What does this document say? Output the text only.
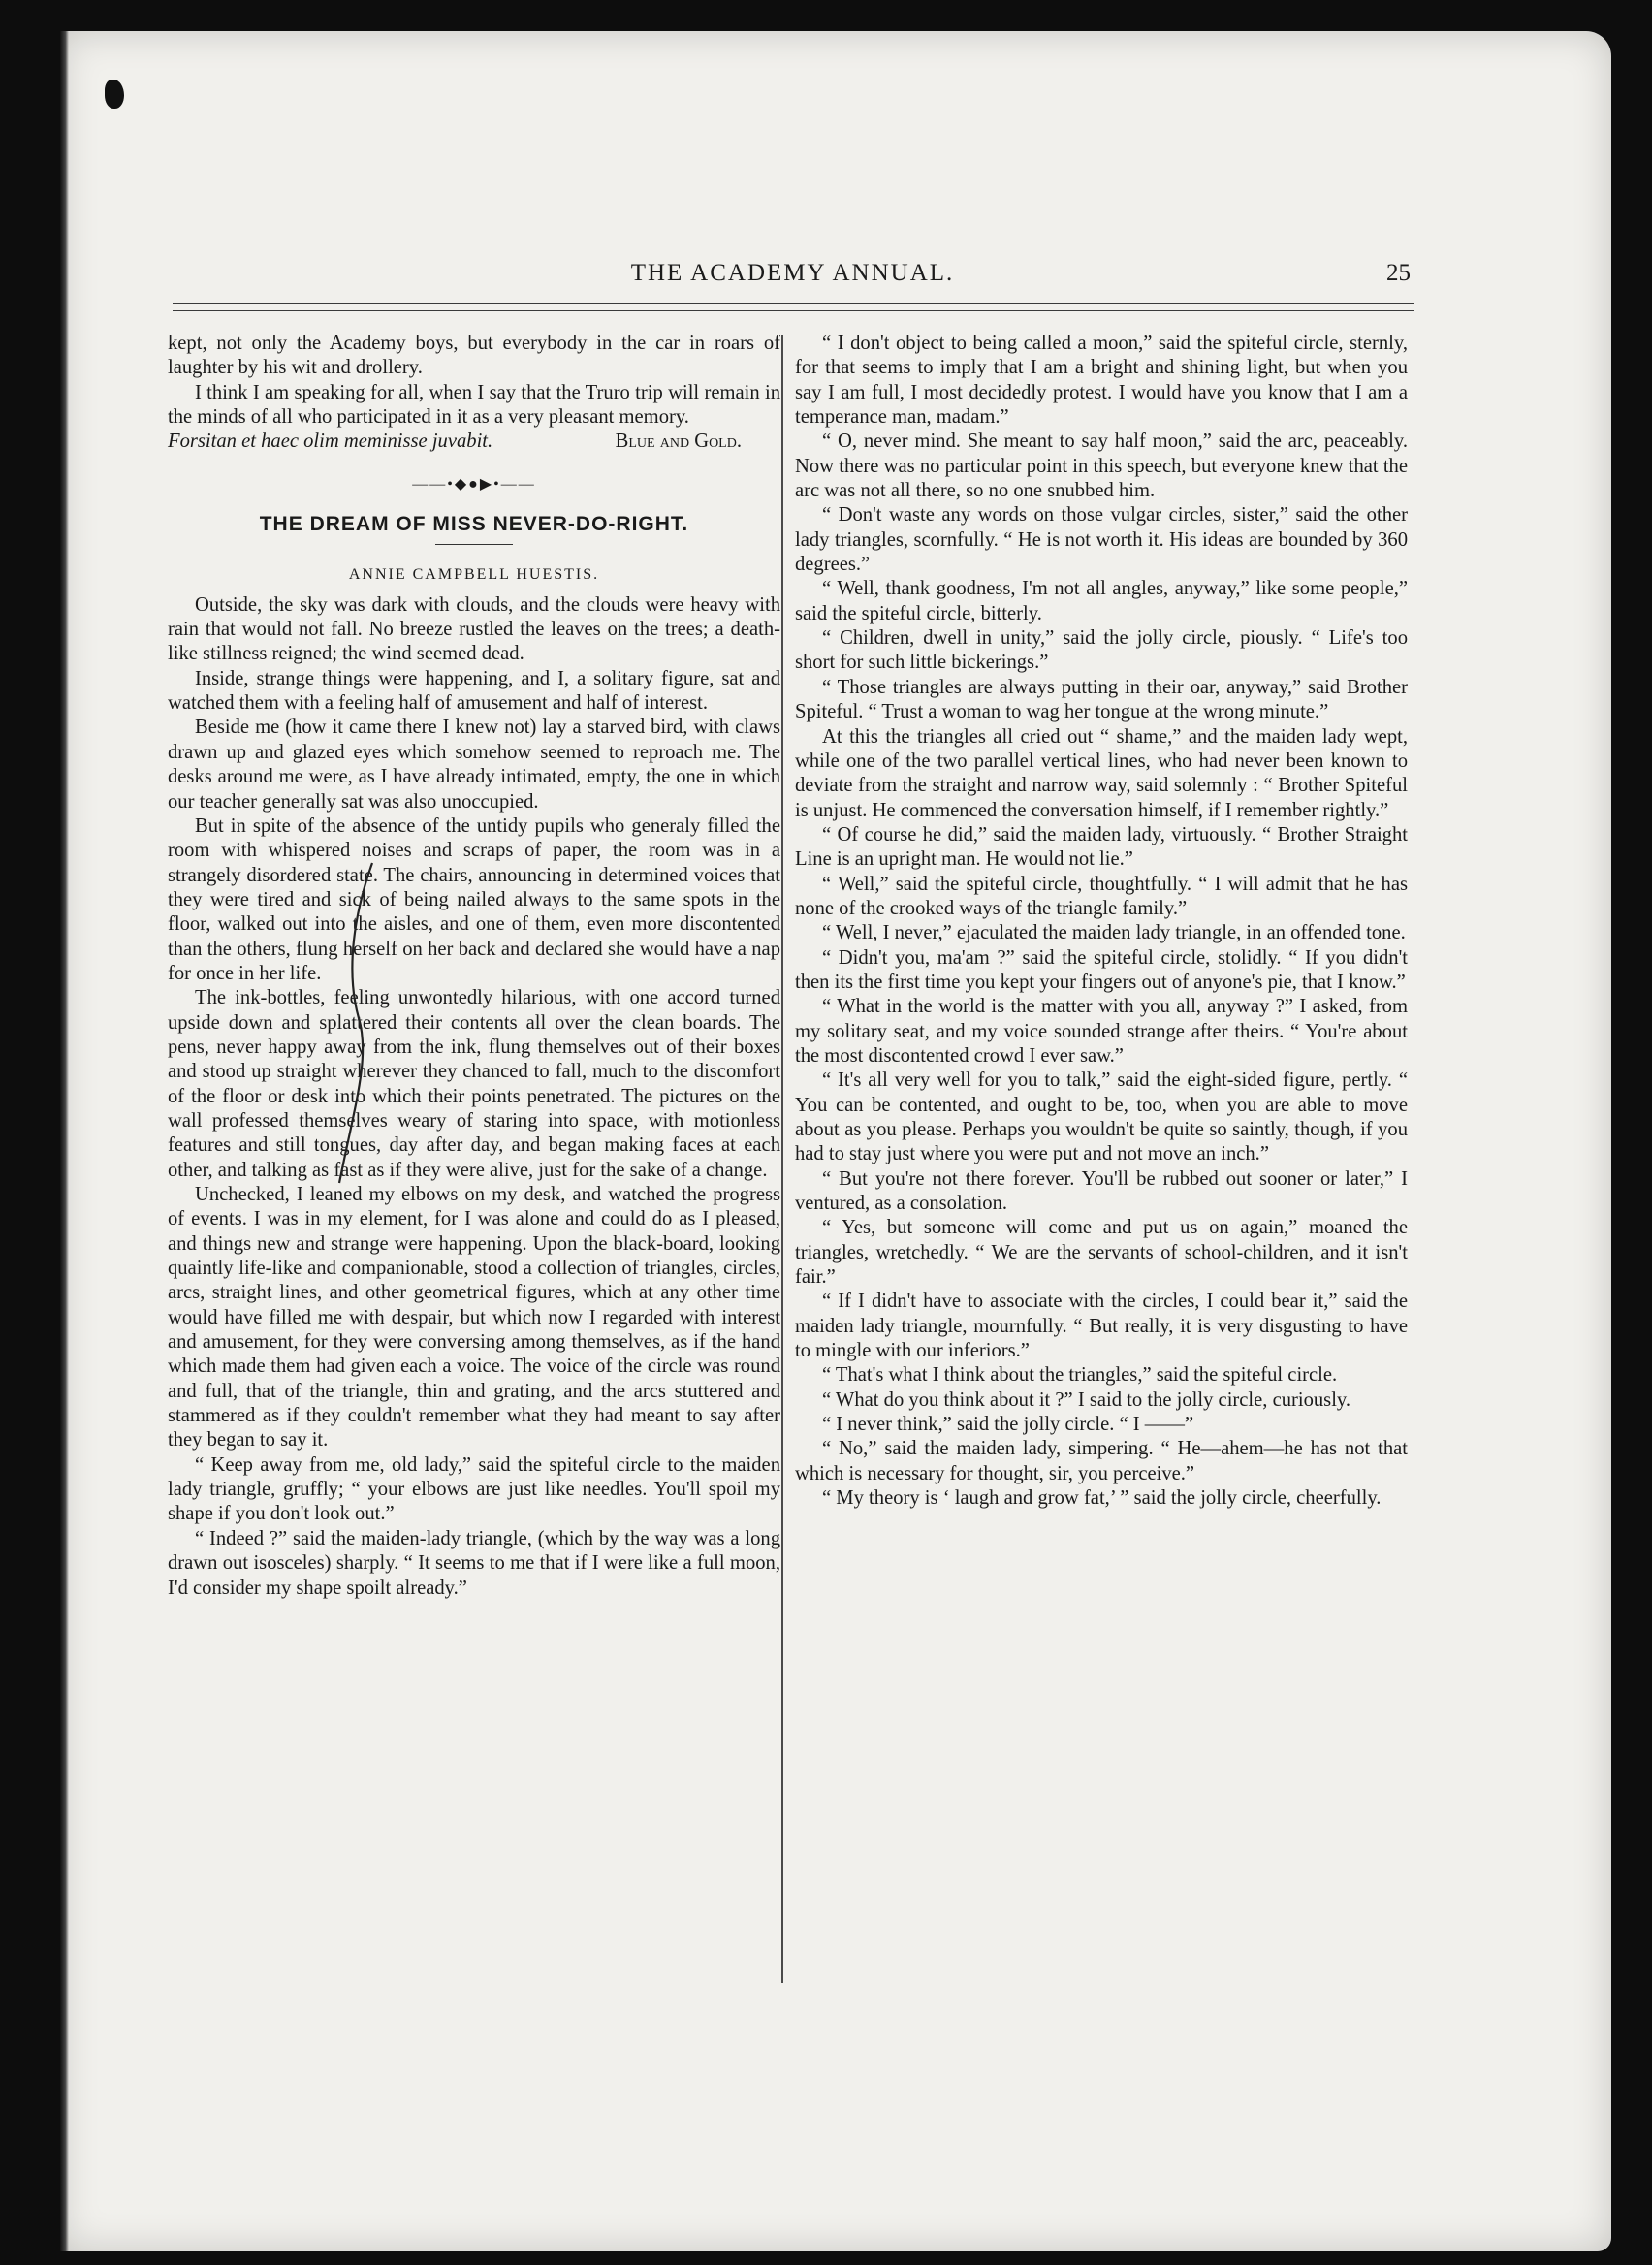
THE ACADEMY ANNUAL.	25

kept, not only the Academy boys, but everybody in the car in roars of laughter by his wit and drollery.

I think I am speaking for all, when I say that the Truro trip will remain in the minds of all who participated in it as a very pleasant memory.

Forsitan et haec olim meminisse juvabit.	Blue and Gold.
——•◆●▶•——
THE DREAM OF MISS NEVER-DO-RIGHT.
ANNIE CAMPBELL HUESTIS.

Outside, the sky was dark with clouds, and the clouds were heavy with rain that would not fall. No breeze rustled the leaves on the trees; a death-like stillness reigned; the wind seemed dead.

Inside, strange things were happening, and I, a solitary figure, sat and watched them with a feeling half of amusement and half of interest.

Beside me (how it came there I knew not) lay a starved bird, with claws drawn up and glazed eyes which somehow seemed to reproach me. The desks around me were, as I have already intimated, empty, the one in which our teacher generally sat was also unoccupied.

But in spite of the absence of the untidy pupils who generaly filled the room with whispered noises and scraps of paper, the room was in a strangely disordered state. The chairs, announcing in determined voices that they were tired and sick of being nailed always to the same spots in the floor, walked out into the aisles, and one of them, even more discontented than the others, flung herself on her back and declared she would have a nap for once in her life.

The ink-bottles, feeling unwontedly hilarious, with one accord turned upside down and splattered their contents all over the clean boards. The pens, never happy away from the ink, flung themselves out of their boxes and stood up straight wherever they chanced to fall, much to the discomfort of the floor or desk into which their points penetrated. The pictures on the wall professed themselves weary of staring into space, with motionless features and still tongues, day after day, and began making faces at each other, and talking as fast as if they were alive, just for the sake of a change.

Unchecked, I leaned my elbows on my desk, and watched the progress of events. I was in my element, for I was alone and could do as I pleased, and things new and strange were happening. Upon the black-board, looking quaintly life-like and companionable, stood a collection of triangles, circles, arcs, straight lines, and other geometrical figures, which at any other time would have filled me with despair, but which now I regarded with interest and amusement, for they were conversing among themselves, as if the hand which made them had given each a voice. The voice of the circle was round and full, that of the triangle, thin and grating, and the arcs stuttered and stammered as if they couldn't remember what they had meant to say after they began to say it.

“ Keep away from me, old lady,” said the spiteful circle to the maiden lady triangle, gruffly; “ your elbows are just like needles. You'll spoil my shape if you don't look out.”

“ Indeed ?” said the maiden-lady triangle, (which by the way was a long drawn out isosceles) sharply. “ It seems to me that if I were like a full moon, I'd consider my shape spoilt already.”

“ I don't object to being called a moon,” said the spiteful circle, sternly, for that seems to imply that I am a bright and shining light, but when you say I am full, I most decidedly protest. I would have you know that I am a temperance man, madam.”

“ O, never mind. She meant to say half moon,” said the arc, peaceably. Now there was no particular point in this speech, but everyone knew that the arc was not all there, so no one snubbed him.

“ Don't waste any words on those vulgar circles, sister,” said the other lady triangles, scornfully. “ He is not worth it. His ideas are bounded by 360 degrees.”

“ Well, thank goodness, I'm not all angles, anyway,” like some people,” said the spiteful circle, bitterly.

“ Children, dwell in unity,” said the jolly circle, piously. “ Life's too short for such little bickerings.”

“ Those triangles are always putting in their oar, anyway,” said Brother Spiteful. “ Trust a woman to wag her tongue at the wrong minute.”

At this the triangles all cried out “ shame,” and the maiden lady wept, while one of the two parallel vertical lines, who had never been known to deviate from the straight and narrow way, said solemnly : “ Brother Spiteful is unjust. He commenced the conversation himself, if I remember rightly.”

“ Of course he did,” said the maiden lady, virtuously. “ Brother Straight Line is an upright man. He would not lie.”

“ Well,” said the spiteful circle, thoughtfully. “ I will admit that he has none of the crooked ways of the triangle family.”

“ Well, I never,” ejaculated the maiden lady triangle, in an offended tone.

“ Didn't you, ma'am ?” said the spiteful circle, stolidly. “ If you didn't then its the first time you kept your fingers out of anyone's pie, that I know.”

“ What in the world is the matter with you all, anyway ?” I asked, from my solitary seat, and my voice sounded strange after theirs. “ You're about the most discontented crowd I ever saw.”

“ It's all very well for you to talk,” said the eight-sided figure, pertly. “ You can be contented, and ought to be, too, when you are able to move about as you please. Perhaps you wouldn't be quite so saintly, though, if you had to stay just where you were put and not move an inch.”

“ But you're not there forever. You'll be rubbed out sooner or later,” I ventured, as a consolation.

“ Yes, but someone will come and put us on again,” moaned the triangles, wretchedly. “ We are the servants of school-children, and it isn't fair.”

“ If I didn't have to associate with the circles, I could bear it,” said the maiden lady triangle, mournfully. “ But really, it is very disgusting to have to mingle with our inferiors.”

“ That's what I think about the triangles,” said the spiteful circle.

“ What do you think about it ?” I said to the jolly circle, curiously.

“ I never think,” said the jolly circle. “ I ——”

“ No,” said the maiden lady, simpering. “ He—ahem—he has not that which is necessary for thought, sir, you perceive.”

“ My theory is ‘ laugh and grow fat,’ ” said the jolly circle, cheerfully.
